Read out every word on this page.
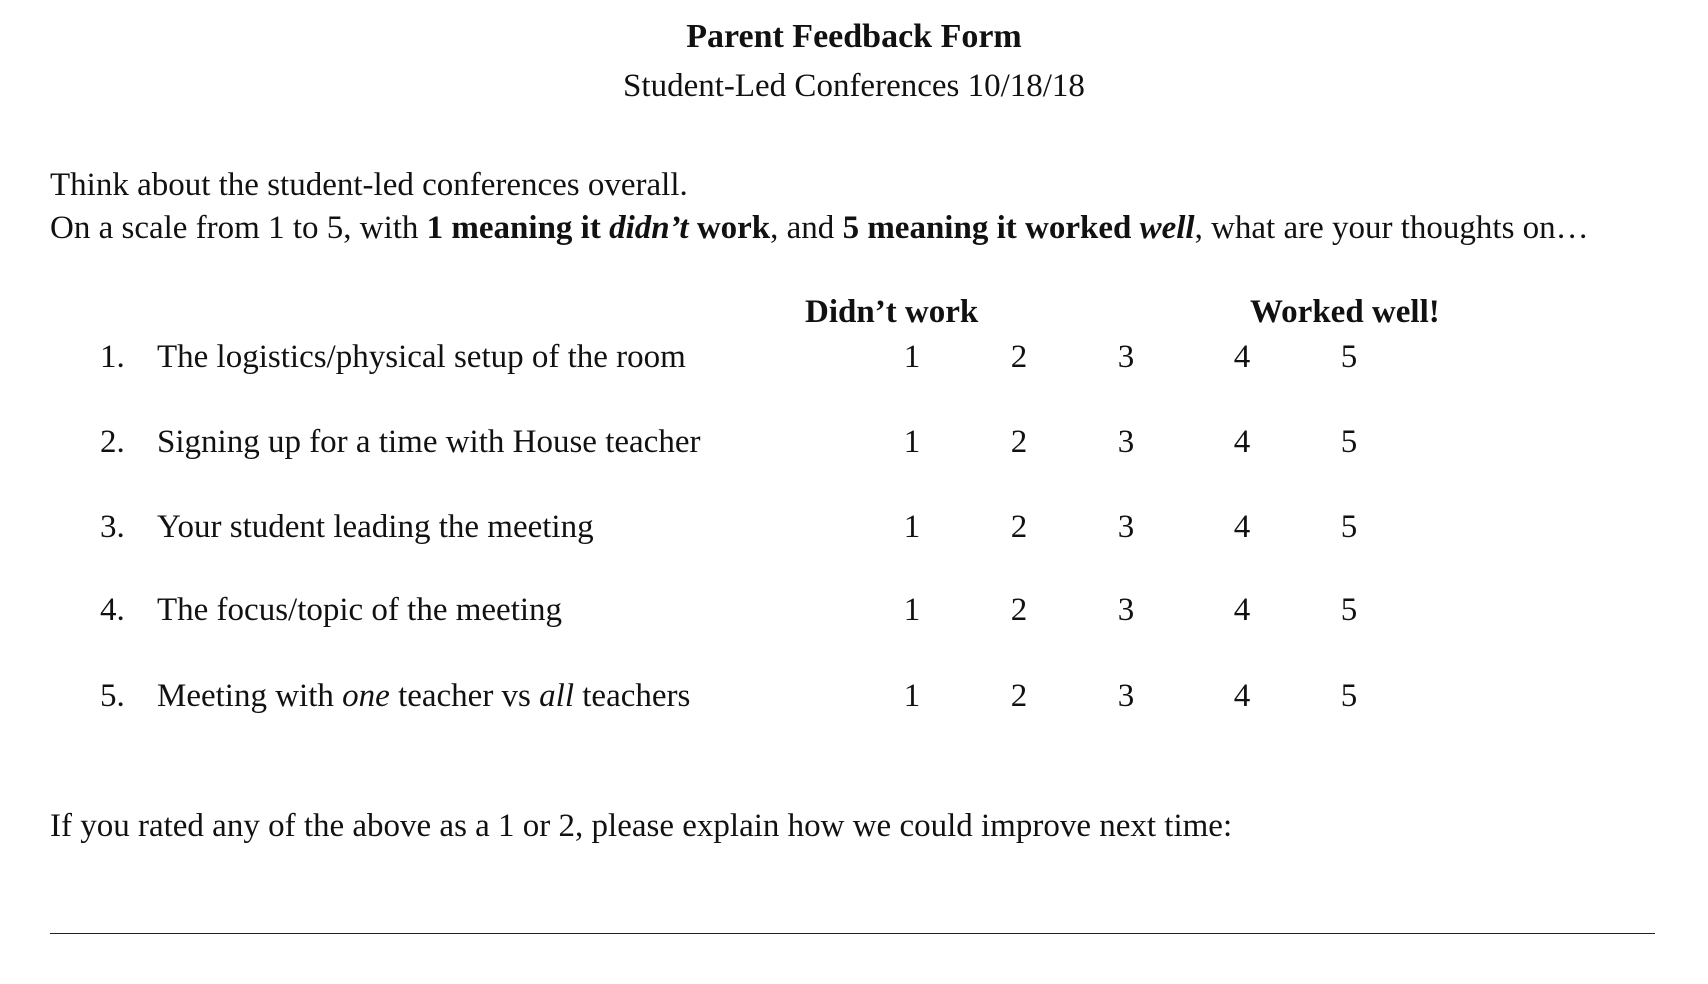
Parent Feedback Form
Student-Led Conferences 10/18/18
Think about the student-led conferences overall.
On a scale from 1 to 5, with 1 meaning it didn’t work, and 5 meaning it worked well, what are your thoughts on…
Didn’t work	Worked well!
1. The logistics/physical setup of the room	1	2	3	4	5
2. Signing up for a time with House teacher	1	2	3	4	5
3. Your student leading the meeting	1	2	3	4	5
4. The focus/topic of the meeting	1	2	3	4	5
5. Meeting with one teacher vs all teachers	1	2	3	4	5
If you rated any of the above as a 1 or 2, please explain how we could improve next time:
